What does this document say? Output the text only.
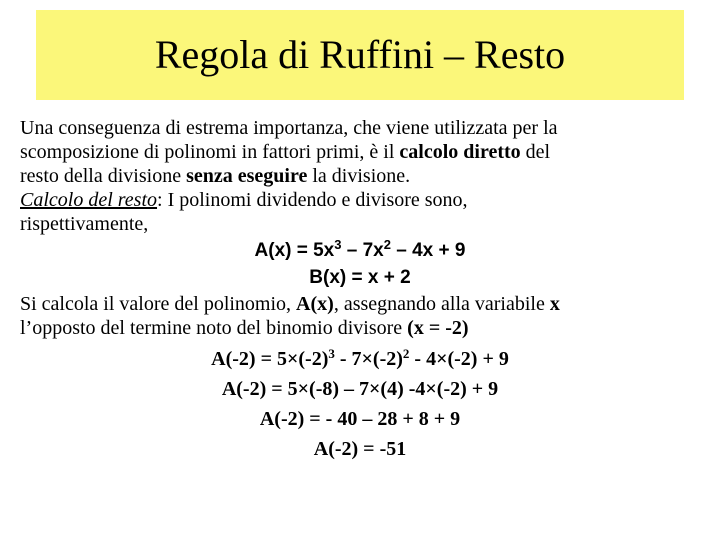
Regola di Ruffini – Resto
Una conseguenza di estrema importanza, che viene utilizzata per la
scomposizione di polinomi in fattori primi, è il calcolo diretto del
resto della divisione senza eseguire la divisione.
Calcolo del resto: I polinomi dividendo e divisore sono,
rispettivamente,
$A(x) = 5x^3 - 7x^2 - 4x + 9$
B(x) = x + 2
Si calcola il valore del polinomio, A(x), assegnando alla variabile x
l’opposto del termine noto del binomio divisore (x = -2)
$A(-2) = 5\times(-2)^3 - 7\times(-2)^2 - 4\times(-2) + 9$
A(-2) = 5×(-8) – 7×(4) -4×(-2) + 9
A(-2) = - 40 – 28 + 8 + 9
A(-2) = -51
